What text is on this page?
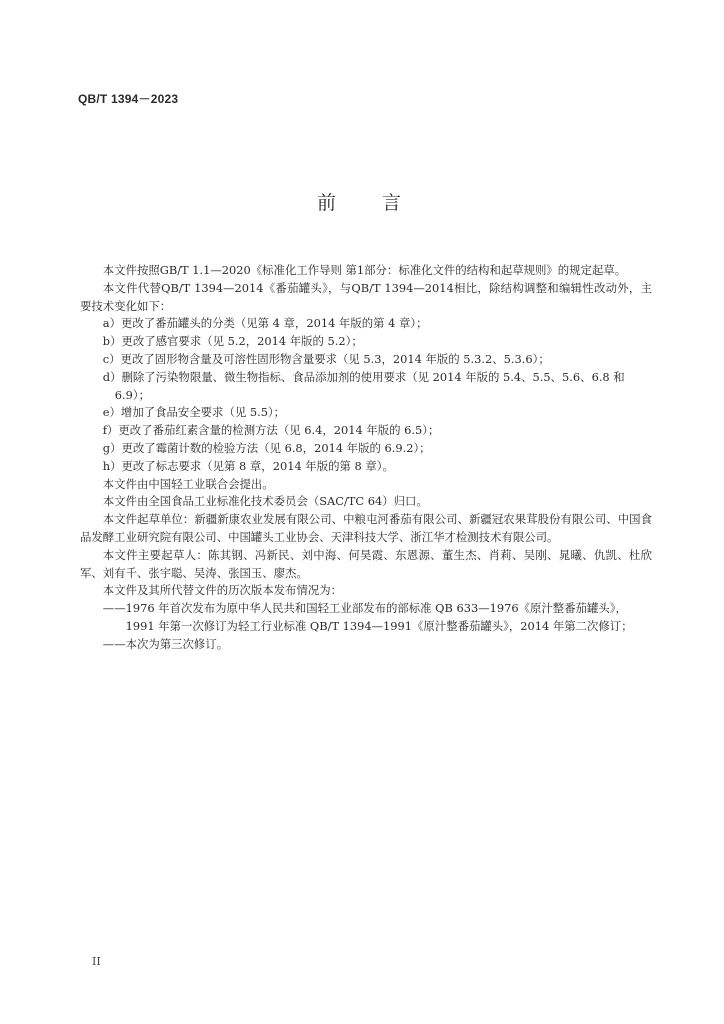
QB/T 1394－2023
前 言

本文件按照GB/T 1.1—2020《标准化工作导则 第1部分：标准化文件的结构和起草规则》的规定起草。

本文件代替QB/T 1394—2014《番茄罐头》，与QB/T 1394—2014相比，除结构调整和编辑性改动外，主要技术变化如下：

a）更改了番茄罐头的分类（见第 4 章，2014 年版的第 4 章）；

b）更改了感官要求（见 5.2，2014 年版的 5.2）；

c）更改了固形物含量及可溶性固形物含量要求（见 5.3，2014 年版的 5.3.2、5.3.6）；

d）删除了污染物限量、微生物指标、食品添加剂的使用要求（见 2014 年版的 5.4、5.5、5.6、6.8 和 6.9）；

e）增加了食品安全要求（见 5.5）；

f）更改了番茄红素含量的检测方法（见 6.4，2014 年版的 6.5）；

g）更改了霉菌计数的检验方法（见 6.8，2014 年版的 6.9.2）；

h）更改了标志要求（见第 8 章，2014 年版的第 8 章）。

本文件由中国轻工业联合会提出。

本文件由全国食品工业标准化技术委员会（SAC/TC 64）归口。

本文件起草单位：新疆新康农业发展有限公司、中粮屯河番茄有限公司、新疆冠农果茸股份有限公司、中国食品发酵工业研究院有限公司、中国罐头工业协会、天津科技大学、浙江华才检测技术有限公司。

本文件主要起草人：陈其钢、冯新民、刘中海、何昊霞、东恩源、董生杰、肖莉、吴刚、晁曦、仇凯、杜欣军、刘有千、张宇聪、吴涛、张国玉、廖杰。

本文件及其所代替文件的历次版本发布情况为：

——1976 年首次发布为原中华人民共和国轻工业部发布的部标准 QB 633—1976《原汁整番茄罐头》，1991 年第一次修订为轻工行业标准 QB/T 1394—1991《原汁整番茄罐头》，2014 年第二次修订；

——本次为第三次修订。

II
